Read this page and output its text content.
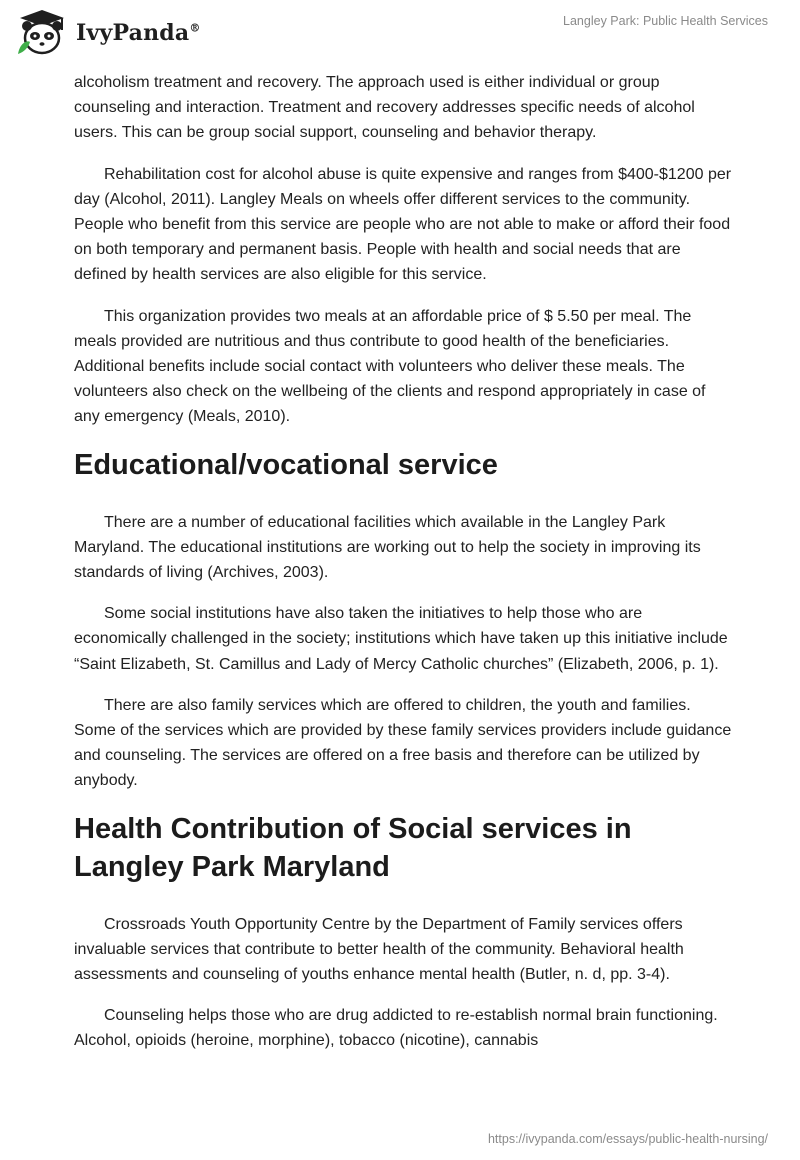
IvyPanda®
Langley Park: Public Health Services

alcoholism treatment and recovery. The approach used is either individual or group counseling and interaction. Treatment and recovery addresses specific needs of alcohol users. This can be group social support, counseling and behavior therapy.

Rehabilitation cost for alcohol abuse is quite expensive and ranges from $400-$1200 per day (Alcohol, 2011). Langley Meals on wheels offer different services to the community. People who benefit from this service are people who are not able to make or afford their food on both temporary and permanent basis. People with health and social needs that are defined by health services are also eligible for this service.

This organization provides two meals at an affordable price of $ 5.50 per meal. The meals provided are nutritious and thus contribute to good health of the beneficiaries. Additional benefits include social contact with volunteers who deliver these meals. The volunteers also check on the wellbeing of the clients and respond appropriately in case of any emergency (Meals, 2010).

Educational/vocational service

There are a number of educational facilities which available in the Langley Park Maryland. The educational institutions are working out to help the society in improving its standards of living (Archives, 2003).

Some social institutions have also taken the initiatives to help those who are economically challenged in the society; institutions which have taken up this initiative include “Saint Elizabeth, St. Camillus and Lady of Mercy Catholic churches” (Elizabeth, 2006, p. 1).

There are also family services which are offered to children, the youth and families. Some of the services which are provided by these family services providers include guidance and counseling. The services are offered on a free basis and therefore can be utilized by anybody.

Health Contribution of Social services in Langley Park Maryland

Crossroads Youth Opportunity Centre by the Department of Family services offers invaluable services that contribute to better health of the community. Behavioral health assessments and counseling of youths enhance mental health (Butler, n. d, pp. 3-4).

Counseling helps those who are drug addicted to re-establish normal brain functioning. Alcohol, opioids (heroine, morphine), tobacco (nicotine), cannabis

https://ivypanda.com/essays/public-health-nursing/
